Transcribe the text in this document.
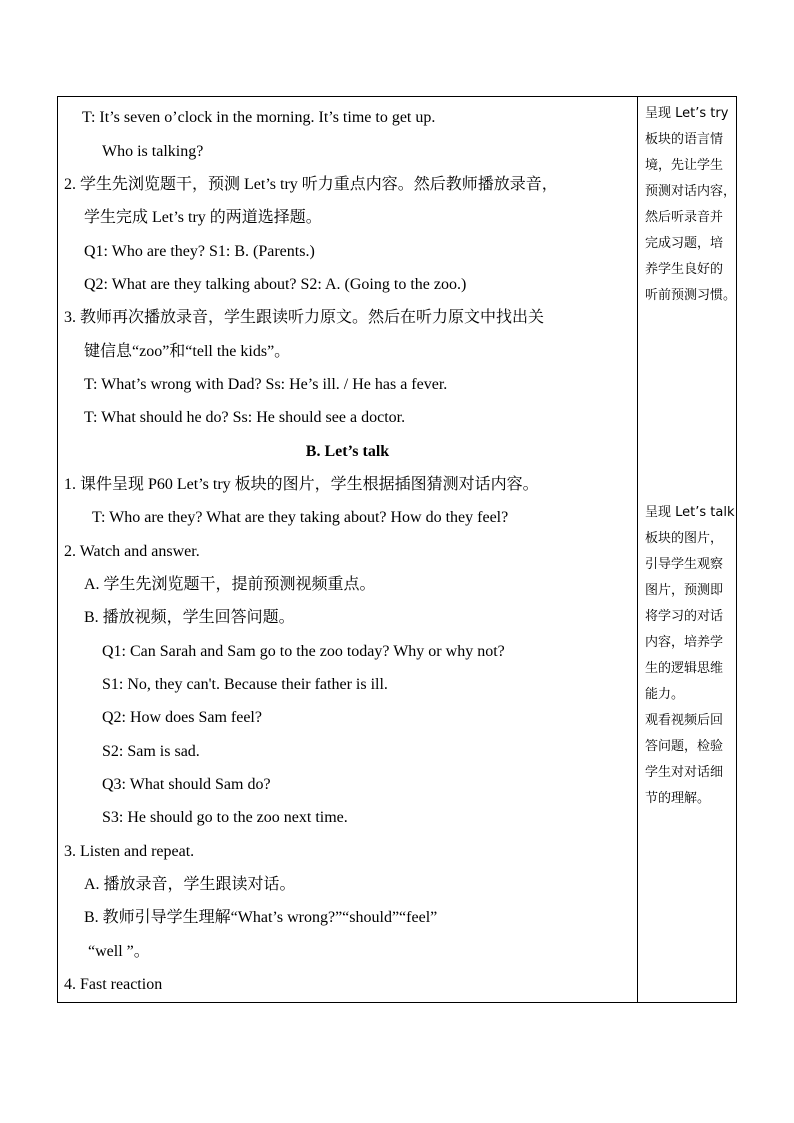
T: It’s seven o’clock in the morning. It’s time to get up.
Who is talking?
2. 学生先浏览题干，预测 Let’s try 听力重点内容。然后教师播放录音，
学生完成 Let’s try 的两道选择题。
Q1: Who are they? S1: B. (Parents.)
Q2: What are they talking about? S2: A. (Going to the zoo.)
3. 教师再次播放录音，学生跟读听力原文。然后在听力原文中找出关
键信息“zoo”和“tell the kids”。
T: What’s wrong with Dad? Ss: He’s ill. / He has a fever.
T: What should he do? Ss: He should see a doctor.
B. Let’s talk
1. 课件呈现 P60 Let’s try 板块的图片，学生根据插图猜测对话内容。
T: Who are they? What are they taking about? How do they feel?
2. Watch and answer.
A. 学生先浏览题干，提前预测视频重点。
B. 播放视频，学生回答问题。
Q1: Can Sarah and Sam go to the zoo today? Why or why not?
S1: No, they can't. Because their father is ill.
Q2: How does Sam feel?
S2: Sam is sad.
Q3: What should Sam do?
S3: He should go to the zoo next time.
3. Listen and repeat.
A. 播放录音，学生跟读对话。
B. 教师引导学生理解“What’s wrong?”“should”“feel”
“well ”。
4. Fast reaction
呈现 Let’s try
板块的语言情
境，先让学生
预测对话内容，
然后听录音并
完成习题，培
养学生良好的
听前预测习惯。
呈现 Let’s talk
板块的图片，
引导学生观察
图片，预测即
将学习的对话
内容，培养学
生的逻辑思维
能力。
观看视频后回
答问题，检验
学生对对话细
节的理解。
